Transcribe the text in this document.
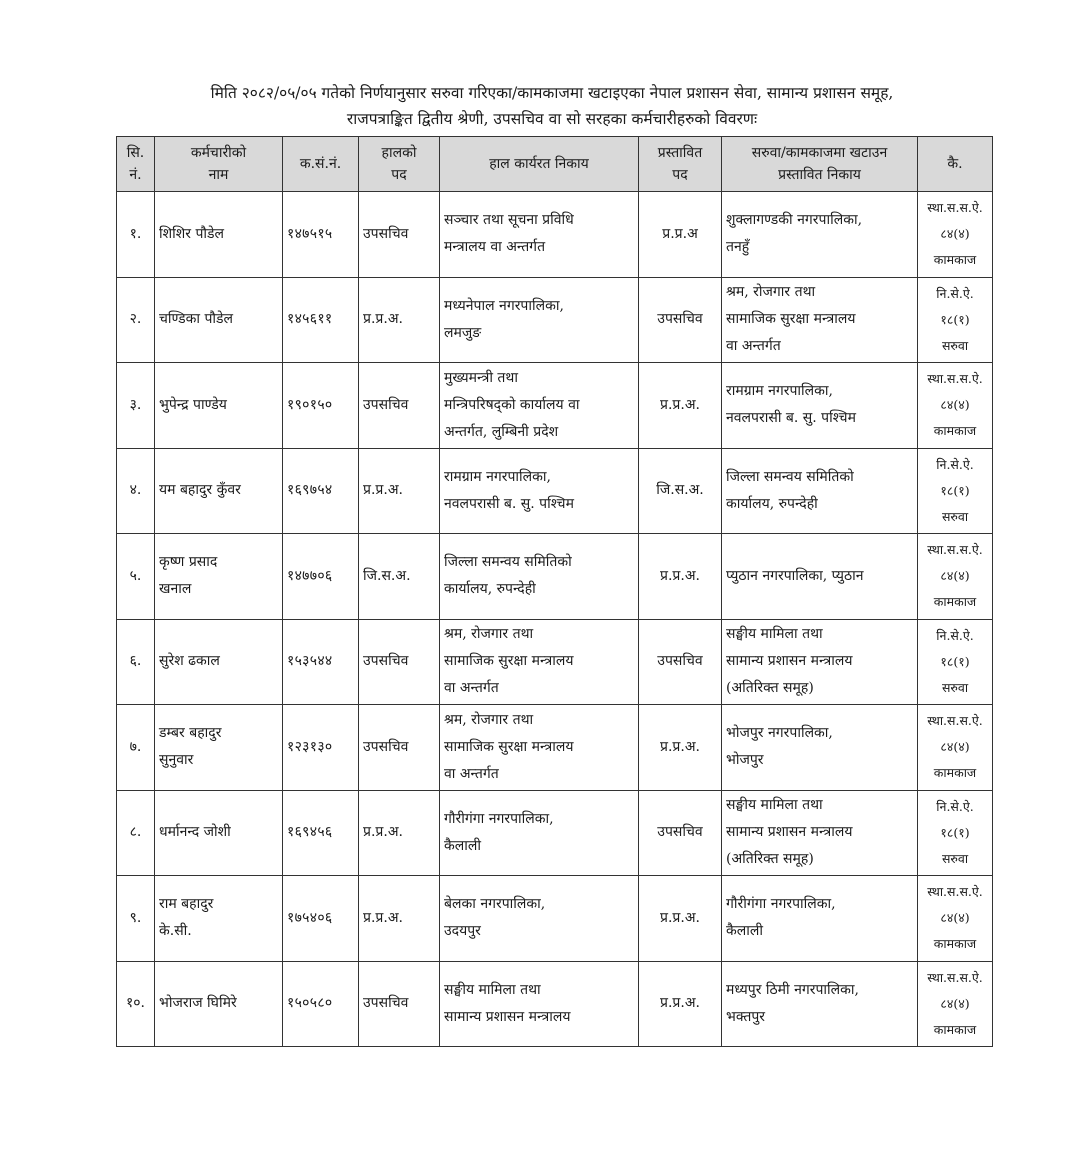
मिति २०८२/०५/०५ गतेको निर्णयानुसार सरुवा गरिएका/कामकाजमा खटाइएका नेपाल प्रशासन सेवा, सामान्य प्रशासन समूह,
राजपत्राङ्कित द्वितीय श्रेणी, उपसचिव वा सो सरहका कर्मचारीहरुको विवरणः
सि.
नं.	कर्मचारीको
नाम	क.सं.नं.	हालको
पद	हाल कार्यरत निकाय	प्रस्तावित
पद	सरुवा/कामकाजमा खटाउन
प्रस्तावित निकाय	कै.
१.	शिशिर पौडेल	१४७५१५	उपसचिव	सञ्चार तथा सूचना प्रविधि
मन्त्रालय वा अन्तर्गत	प्र.प्र.अ	शुक्लागण्डकी नगरपालिका,
तनहुँ	स्था.स.स.ऐ.
८४(४)
कामकाज

२.	चण्डिका पौडेल	१४५६११	प्र.प्र.अ.	मध्यनेपाल नगरपालिका,
लमजुङ	उपसचिव	श्रम, रोजगार तथा
सामाजिक सुरक्षा मन्त्रालय
वा अन्तर्गत	नि.से.ऐ.
१८(१)
सरुवा

३.	भुपेन्द्र पाण्डेय	१९०१५०	उपसचिव	मुख्यमन्त्री तथा
मन्त्रिपरिषद्को कार्यालय वा
अन्तर्गत, लुम्बिनी प्रदेश	प्र.प्र.अ.	रामग्राम नगरपालिका,
नवलपरासी ब. सु. पश्चिम	स्था.स.स.ऐ.
८४(४)
कामकाज

४.	यम बहादुर कुँवर	१६९७५४	प्र.प्र.अ.	रामग्राम नगरपालिका,
नवलपरासी ब. सु. पश्चिम	जि.स.अ.	जिल्ला समन्वय समितिको
कार्यालय, रुपन्देही	नि.से.ऐ.
१८(१)
सरुवा

५.	कृष्ण प्रसाद
खनाल	१४७७०६	जि.स.अ.	जिल्ला समन्वय समितिको
कार्यालय, रुपन्देही	प्र.प्र.अ.	प्युठान नगरपालिका, प्युठान	स्था.स.स.ऐ.
८४(४)
कामकाज

६.	सुरेश ढकाल	१५३५४४	उपसचिव	श्रम, रोजगार तथा
सामाजिक सुरक्षा मन्त्रालय
वा अन्तर्गत	उपसचिव	सङ्घीय मामिला तथा
सामान्य प्रशासन मन्त्रालय
(अतिरिक्त समूह)	नि.से.ऐ.
१८(१)
सरुवा

७.	डम्बर बहादुर
सुनुवार	१२३१३०	उपसचिव	श्रम, रोजगार तथा
सामाजिक सुरक्षा मन्त्रालय
वा अन्तर्गत	प्र.प्र.अ.	भोजपुर नगरपालिका,
भोजपुर	स्था.स.स.ऐ.
८४(४)
कामकाज

८.	धर्मानन्द जोशी	१६९४५६	प्र.प्र.अ.	गौरीगंगा नगरपालिका,
कैलाली	उपसचिव	सङ्घीय मामिला तथा
सामान्य प्रशासन मन्त्रालय
(अतिरिक्त समूह)	नि.से.ऐ.
१८(१)
सरुवा

९.	राम बहादुर
के.सी.	१७५४०६	प्र.प्र.अ.	बेलका नगरपालिका,
उदयपुर	प्र.प्र.अ.	गौरीगंगा नगरपालिका,
कैलाली	स्था.स.स.ऐ.
८४(४)
कामकाज

१०.	भोजराज घिमिरे	१५०५८०	उपसचिव	सङ्घीय मामिला तथा
सामान्य प्रशासन मन्त्रालय	प्र.प्र.अ.	मध्यपुर ठिमी नगरपालिका,
भक्तपुर	स्था.स.स.ऐ.
८४(४)
कामकाज
